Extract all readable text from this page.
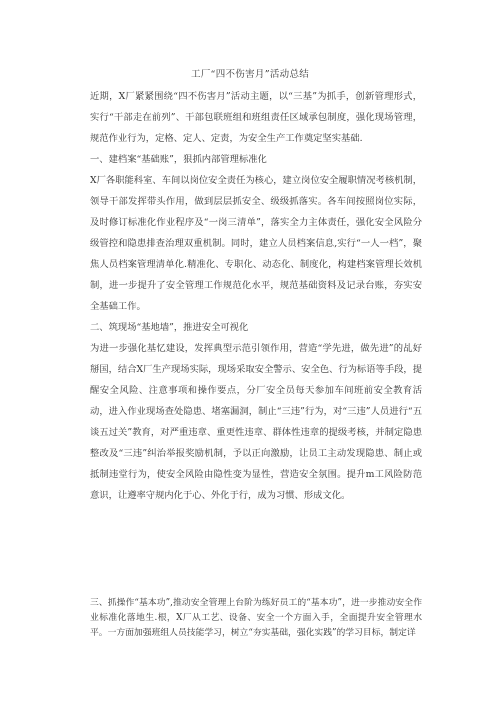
工厂“四不伤害月”活动总结

近期，X厂紧紧围绕“四不伤害月”活动主题，以“三基”为抓手，创新管理形式，实行“干部走在前列”、干部包联班组和班组责任区域承包制度，强化现场管理，规范作业行为，定格、定人、定责，为安全生产工作奠定坚实基础.

一、建档案“基础账”，狠抓内部管理标准化

X厂各职能科室、车间以岗位安全责任为核心，建立岗位安全履职情况考核机制，领导干部发挥带头作用，做到层层抓安全、级级抓落实。各车间按照岗位实际，及时修订标准化作业程序及“一岗三清单”，落实全力主体责任，强化安全风险分级管控和隐患排查治理双重机制。同时，建立人员档案信息,实行“一人一档”，聚焦人员档案管理清单化.精准化、专职化、动态化、制度化，构建档案管理长效机制，进一步提升了安全管理工作规范化水平，规范基础资料及记录台账，夯实安全基础工作。

二、筑现场“基地墙”，推进安全可视化

为进一步强化基忆建设，发挥典型示范引领作用，营造“学先进，做先进”的乩好掰国，结合X厂生产现场实际，现场采取安全警示、安全色、行为标语等手段，提醒安全风险、注意事项和操作要点，分厂安全员每天参加车间班前安全教育活动，进入作业现场查处隐患、堵塞漏洞，制止“三违”行为，对“三违”人员进行“五谈五过关”教育，对严重违章、重更性违章、群体性违章的提级考核，并制定隐患整改及“三违”纠治举报奖励机制，予以正向激励，让员工主动发现隐患、制止或抵制违堂行为，使安全风险由隐性变为显性，营造安全氛围。提升m工风险防范意识，让遵率守规内化于心、外化于行，成为习惯、形成文化。

三、抓操作“基本功”,推动安全管理上台阶为练好员工的“基本功”，进一步推动安全作业标准化落地生.根，X厂从工艺、设备、安全一个方面入手，全面提升安全管理水平。一方面加强班组人员技能学习，树立“夯实基础，强化实践”的学习目标，制定详
